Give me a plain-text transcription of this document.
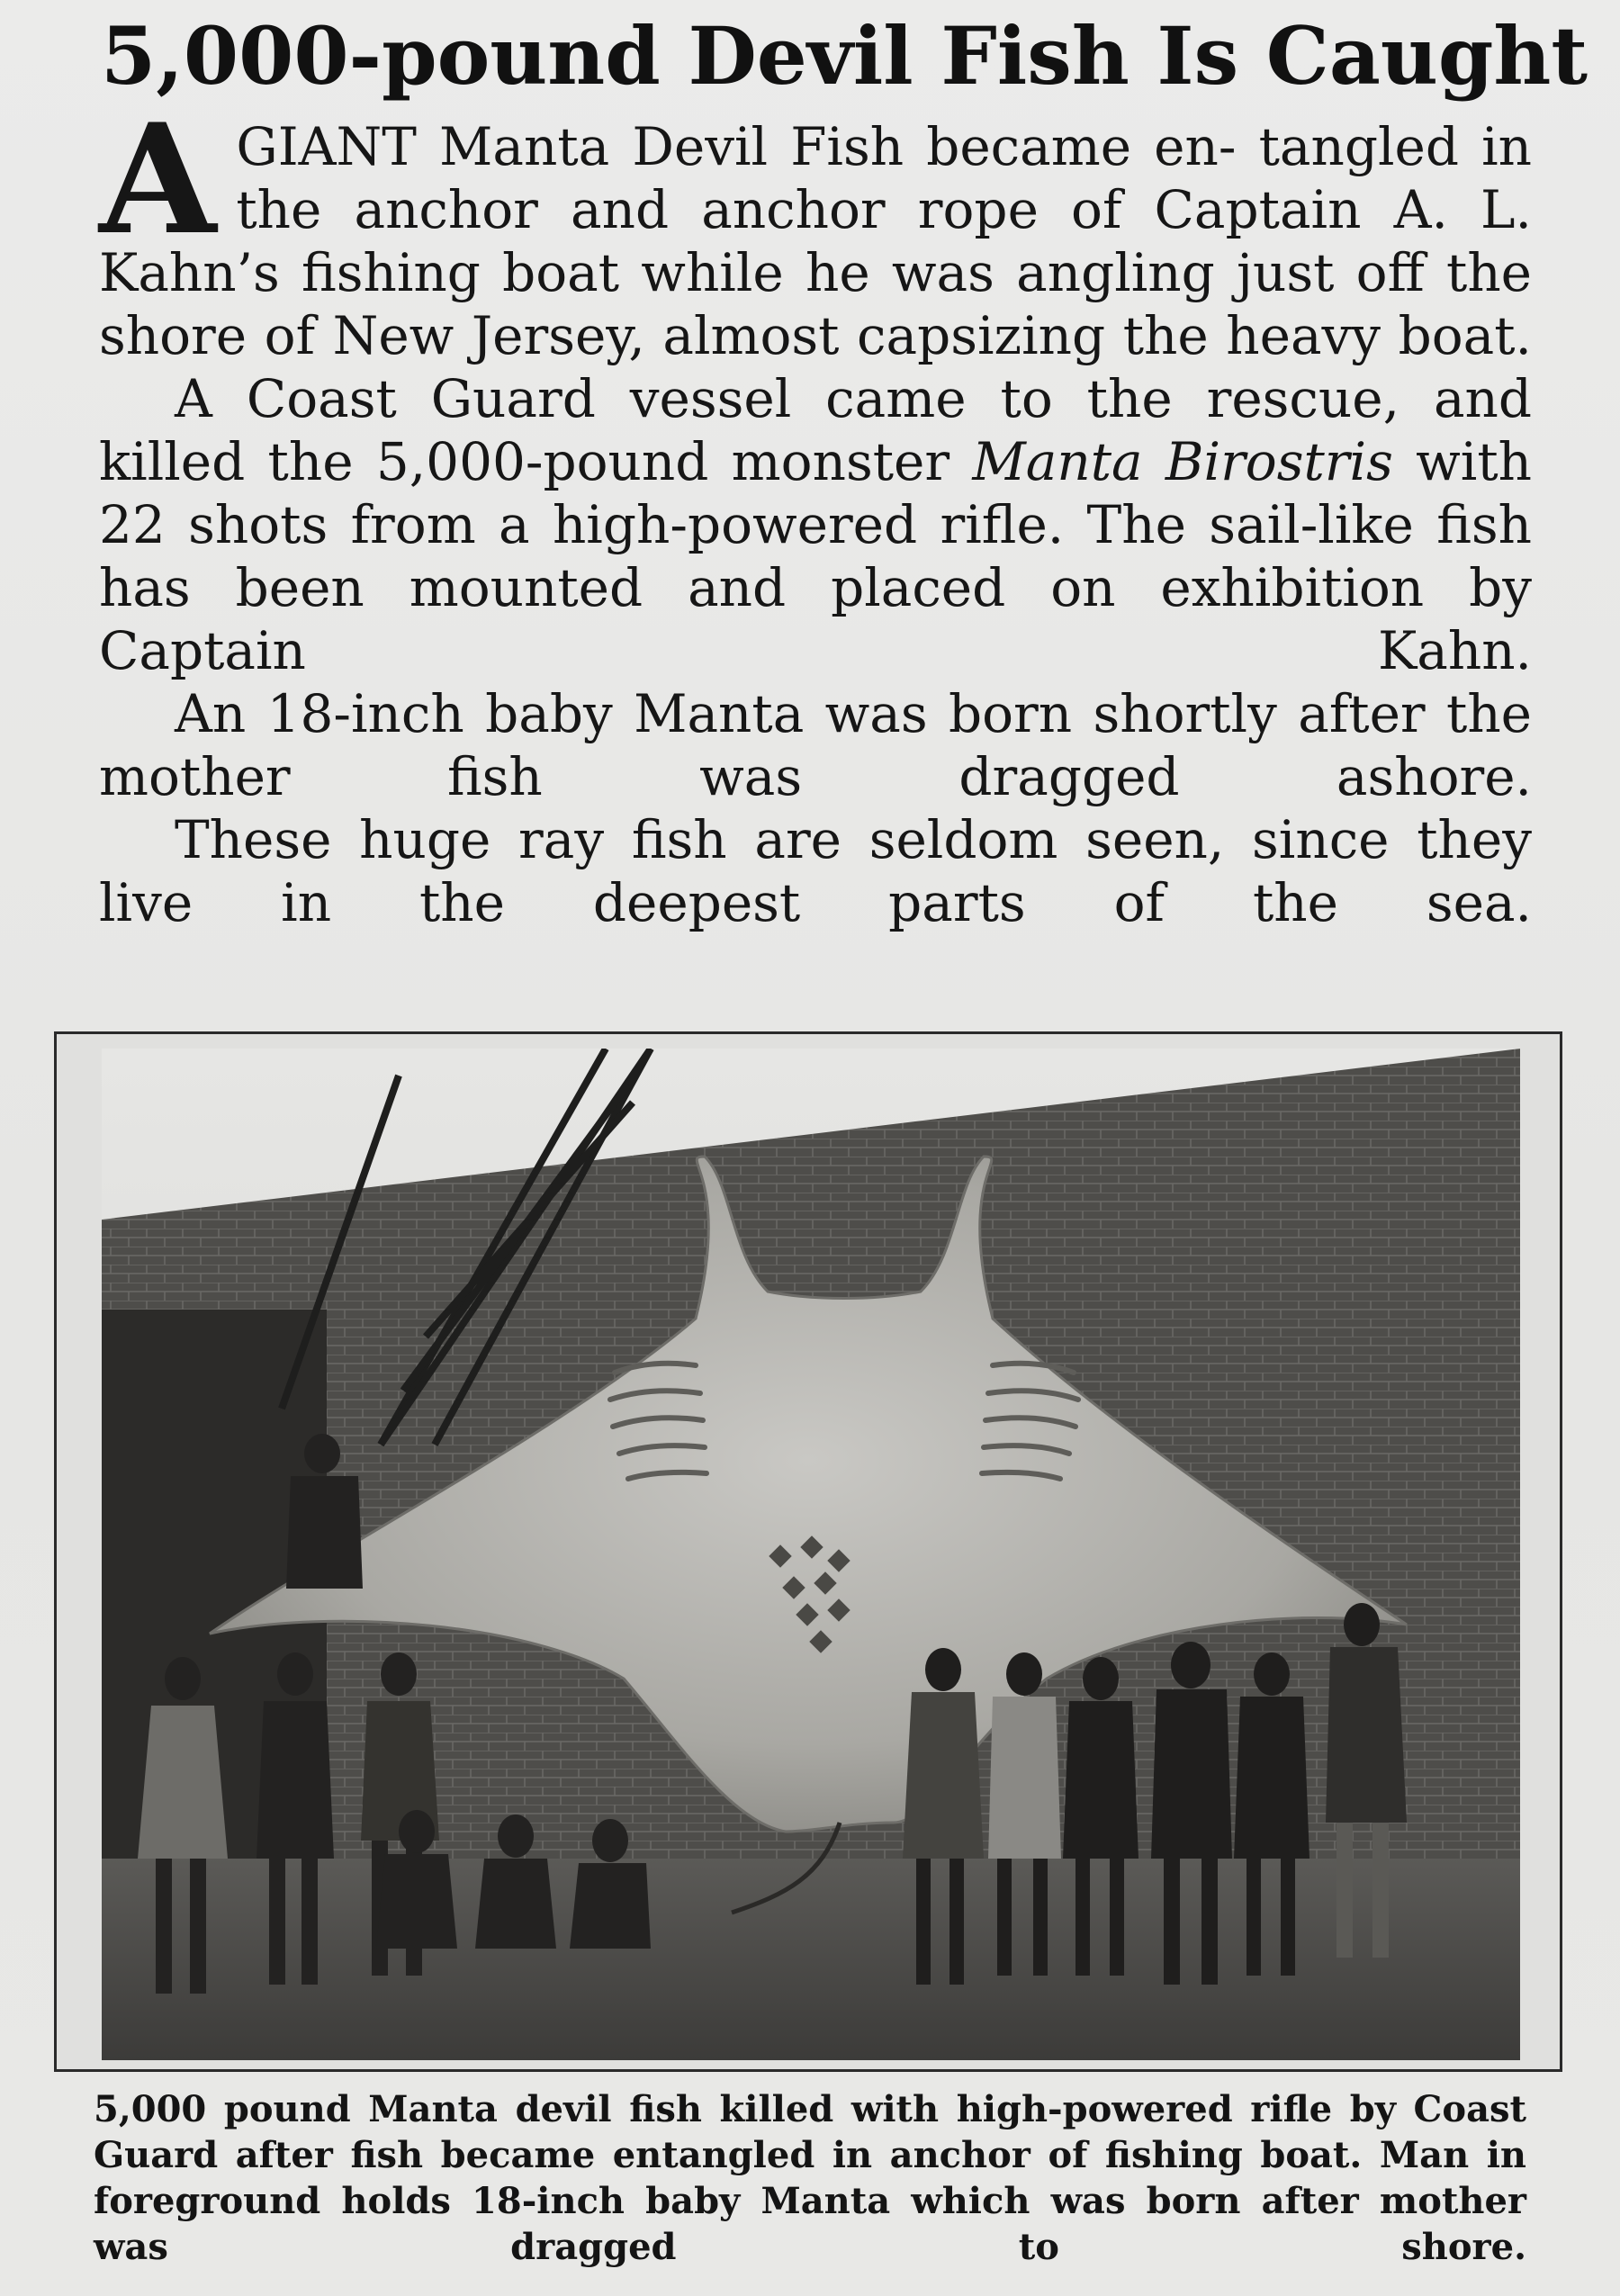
5,000-pound Devil Fish Is Caught

AGIANT Manta Devil Fish became en- tangled in the anchor and anchor rope of Captain A. L. Kahn’s fishing boat while he was angling just off the shore of New Jersey, almost capsizing the heavy boat.

A Coast Guard vessel came to the rescue, and killed the 5,000-pound monster Manta Birostris with 22 shots from a high-powered rifle. The sail-like fish has been mounted and placed on exhibition by Captain Kahn.

An 18-inch baby Manta was born shortly after the mother fish was dragged ashore.

These huge ray fish are seldom seen, since they live in the deepest parts of the sea.

5,000 pound Manta devil fish killed with high-powered rifle by Coast Guard after fish became entangled in anchor of fishing boat. Man in foreground holds 18-inch baby Manta which was born after mother was dragged to shore.
